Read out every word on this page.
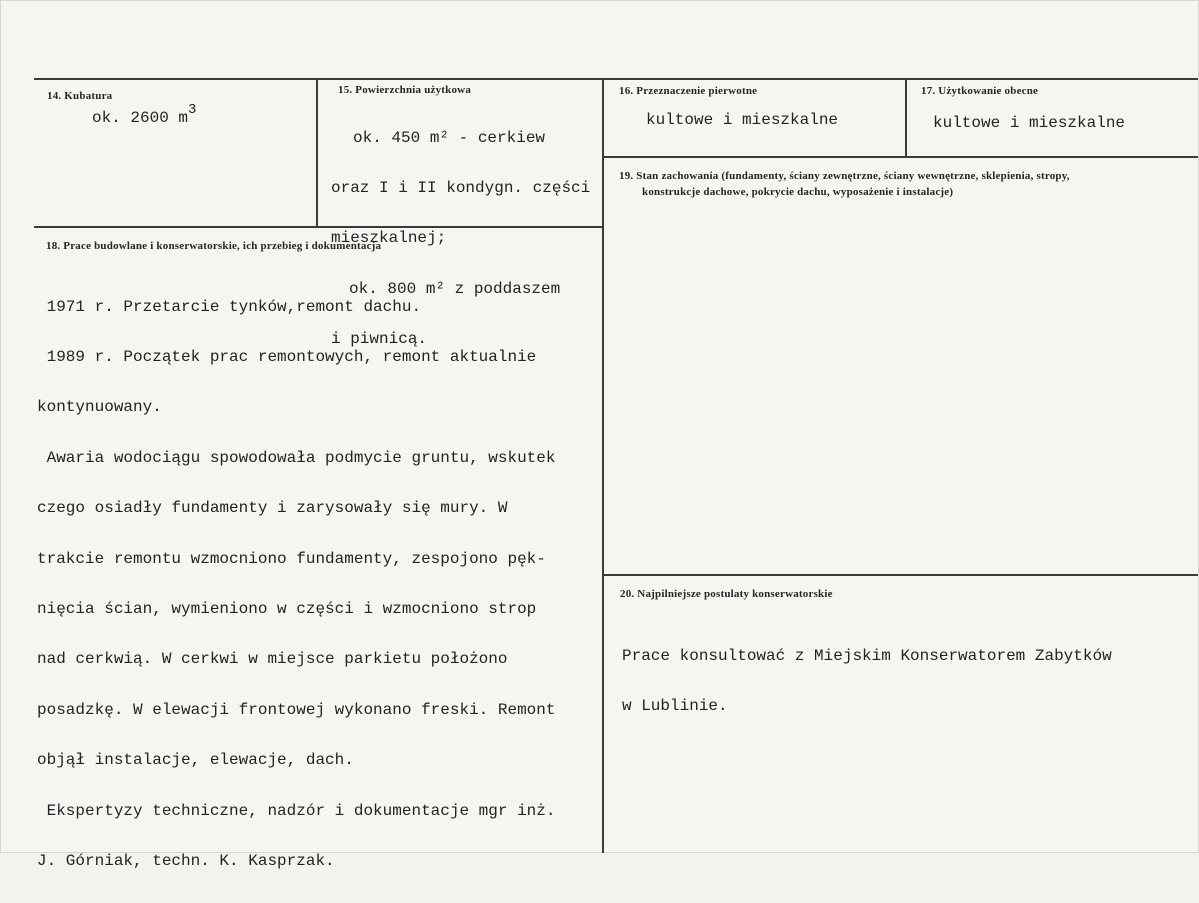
14. Kubatura
ok. 2600 m3
15. Powierzchnia użytkowa

ok. 450 m² - cerkiew

oraz I i II kondygn. części

mieszkalnej;

ok. 800 m² z poddaszem

i piwnicą.

16. Przeznaczenie pierwotne
kultowe i mieszkalne
17. Użytkowanie obecne
kultowe i mieszkalne
19. Stan zachowania (fundamenty, ściany zewnętrzne, ściany wewnętrzne, sklepienia, stropy,
konstrukcje dachowe, pokrycie dachu, wyposażenie i instalacje)
18. Prace budowlane i konserwatorskie, ich przebieg i dokumentacja

1971 r. Przetarcie tynków,remont dachu.

1989 r. Początek prac remontowych, remont aktualnie

kontynuowany.

Awaria wodociągu spowodowała podmycie gruntu, wskutek

czego osiadły fundamenty i zarysowały się mury. W

trakcie remontu wzmocniono fundamenty, zespojono pęk-

nięcia ścian, wymieniono w części i wzmocniono strop

nad cerkwią. W cerkwi w miejsce parkietu położono

posadzkę. W elewacji frontowej wykonano freski. Remont

objął instalacje, elewacje, dach.

Ekspertyzy techniczne, nadzór i dokumentacje mgr inż.

J. Górniak, techn. K. Kasprzak.

20. Najpilniejsze postulaty konserwatorskie

Prace konsultować z Miejskim Konserwatorem Zabytków

w Lublinie.
